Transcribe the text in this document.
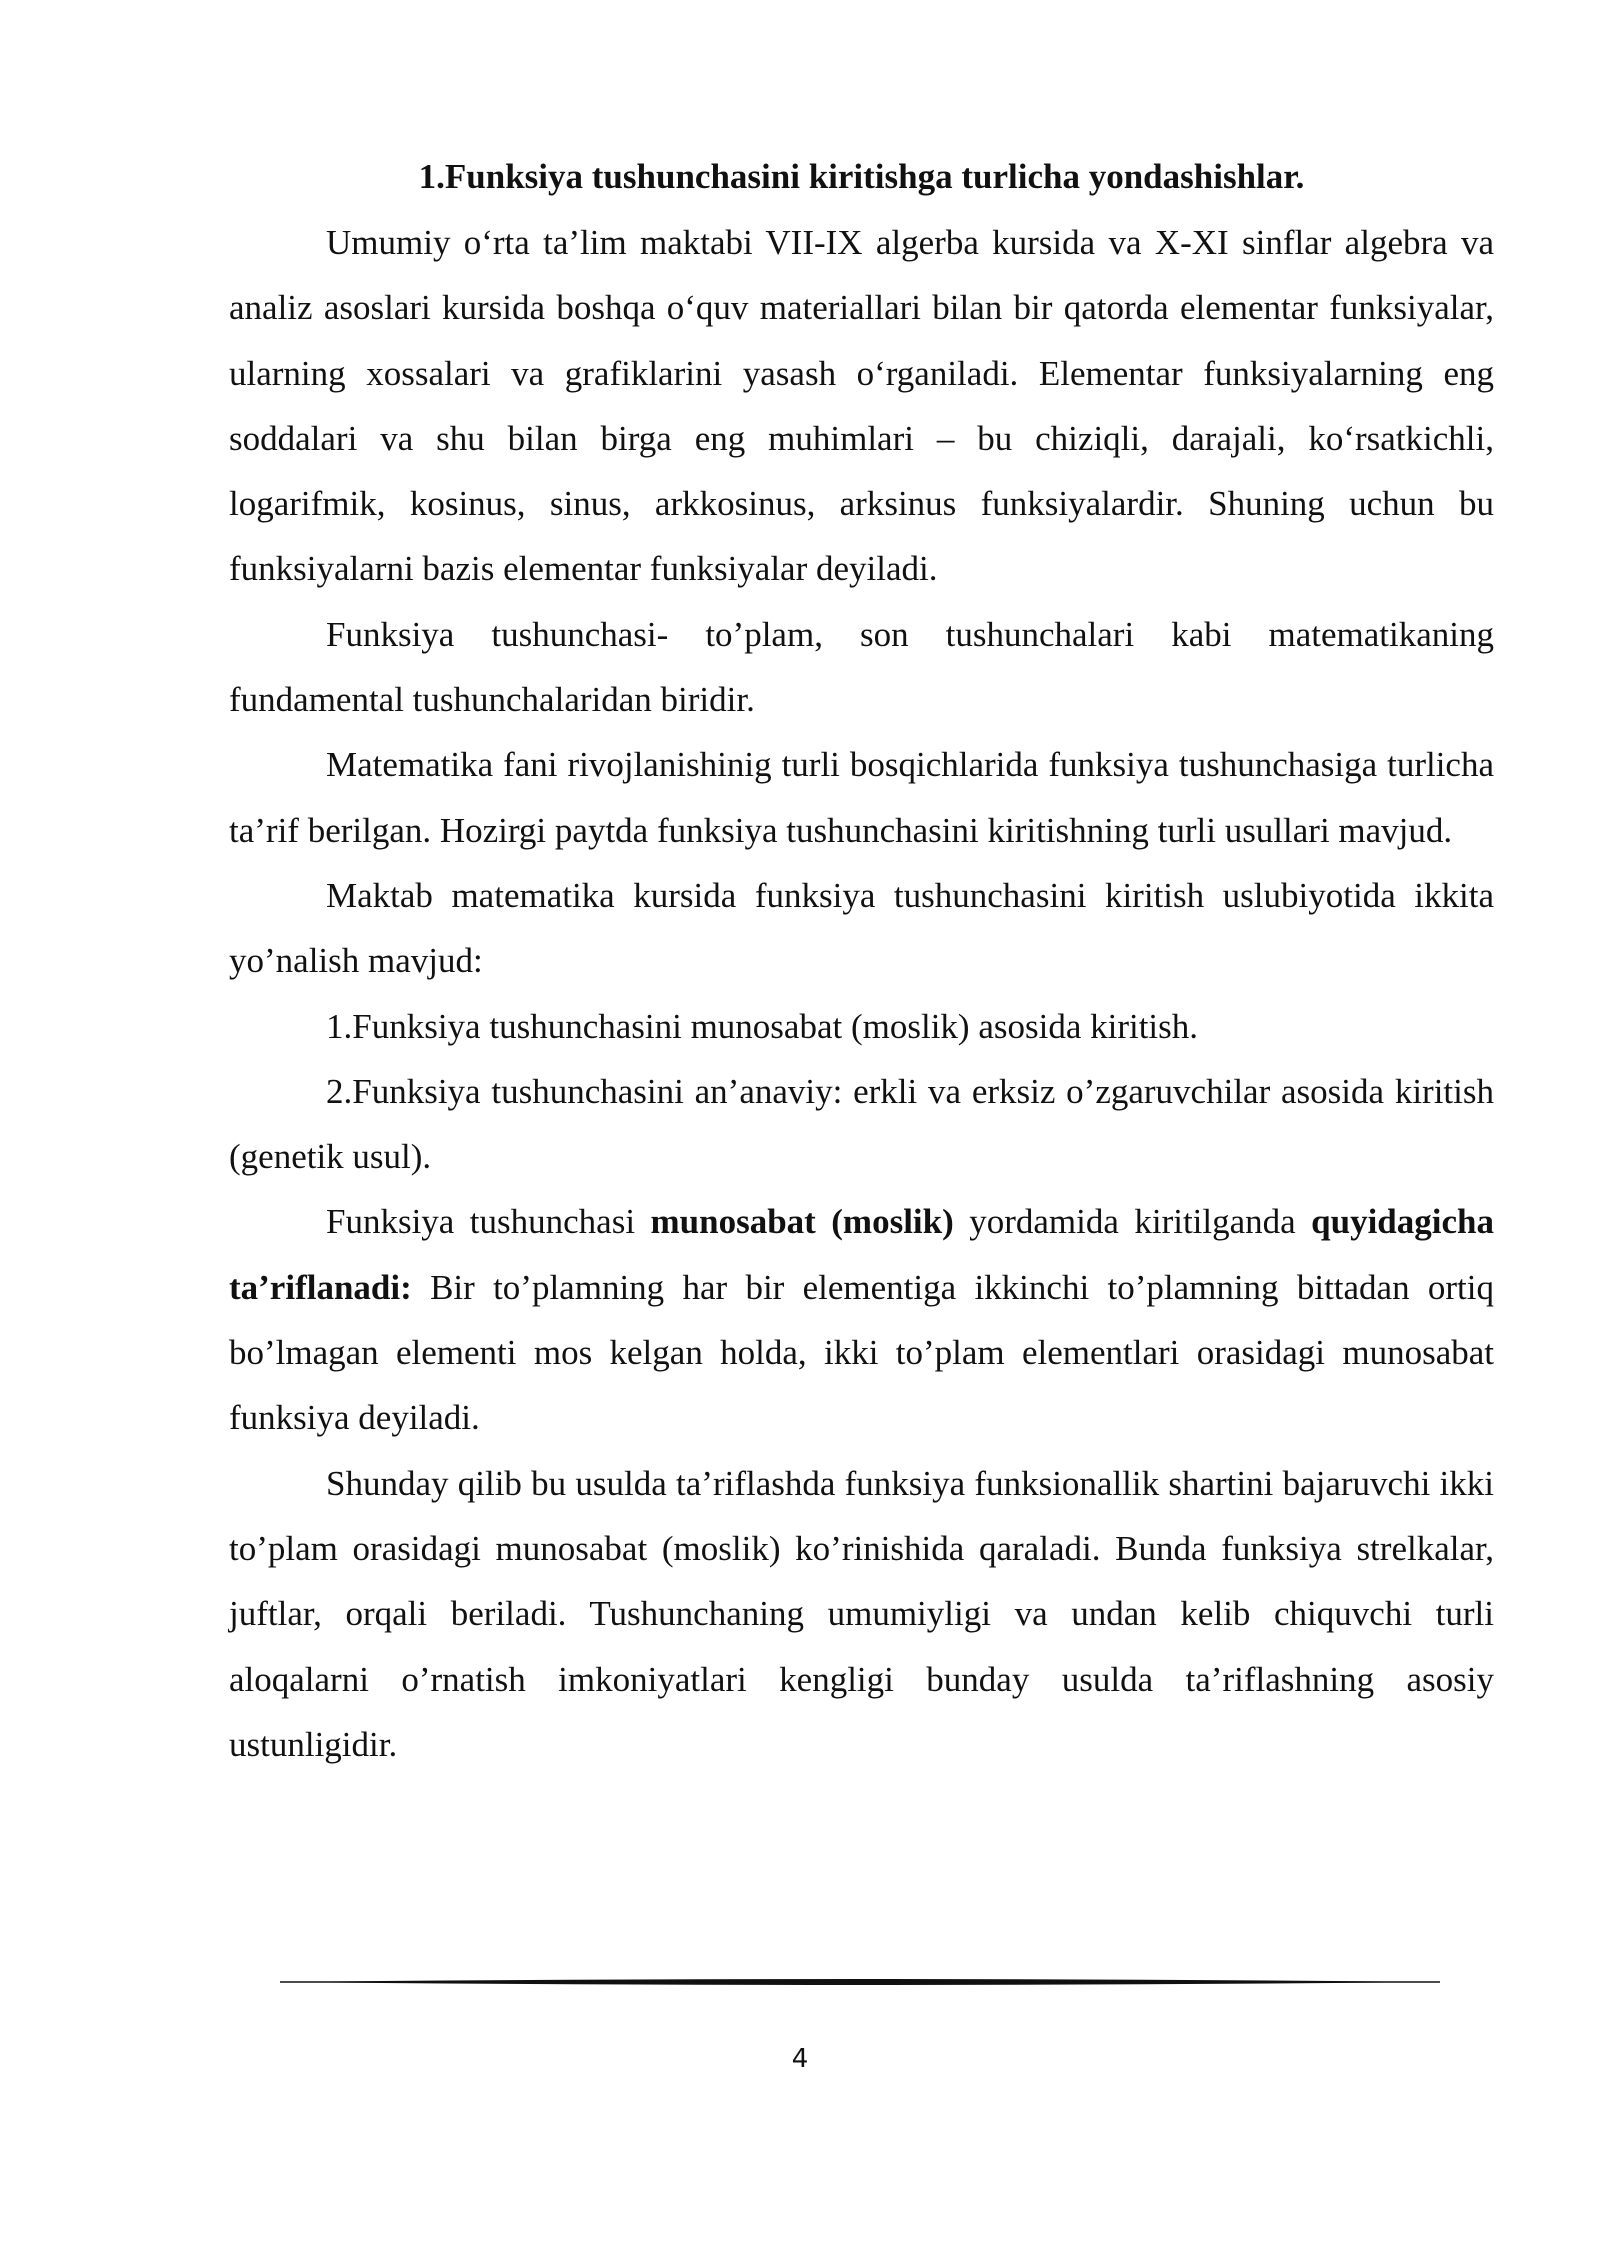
1.Funksiya tushunchasini kiritishga turlicha yondashishlar.

Umumiy o‘rta ta’lim maktabi VII-IX algerba kursida va X-XI sinflar algebra va analiz asoslari kursida boshqa o‘quv materiallari bilan bir qatorda elementar funksiyalar, ularning xossalari va grafiklarini yasash o‘rganiladi. Elementar funksiyalarning eng soddalari va shu bilan birga eng muhimlari – bu chiziqli, darajali, ko‘rsatkichli, logarifmik, kosinus, sinus, arkkosinus, arksinus funksiyalardir. Shuning uchun bu funksiyalarni bazis elementar funksiyalar deyiladi.

Funksiya tushunchasi- to’plam, son tushunchalari kabi matematikaning fundamental tushunchalaridan biridir.

Matematika fani rivojlanishinig turli bosqichlarida funksiya tushunchasiga turlicha ta’rif berilgan. Hozirgi paytda funksiya tushunchasini kiritishning turli usullari mavjud.

Maktab matematika kursida funksiya tushunchasini kiritish uslubiyotida ikkita yo’nalish mavjud:

1.Funksiya tushunchasini munosabat (moslik) asosida kiritish.

2.Funksiya tushunchasini an’anaviy: erkli va erksiz o’zgaruvchilar asosida kiritish (genetik usul).

Funksiya tushunchasi munosabat (moslik) yordamida kiritilganda quyidagicha ta’riflanadi: Bir to’plamning har bir elementiga ikkinchi to’plamning bittadan ortiq bo’lmagan elementi mos kelgan holda, ikki to’plam elementlari orasidagi munosabat funksiya deyiladi.

Shunday qilib bu usulda ta’riflashda funksiya funksionallik shartini bajaruvchi ikki to’plam orasidagi munosabat (moslik) ko’rinishida qaraladi. Bunda funksiya strelkalar, juftlar, orqali beriladi. Tushunchaning umumiyligi va undan kelib chiquvchi turli aloqalarni o’rnatish imkoniyatlari kengligi bunday usulda ta’riflashning asosiy ustunligidir.

4
